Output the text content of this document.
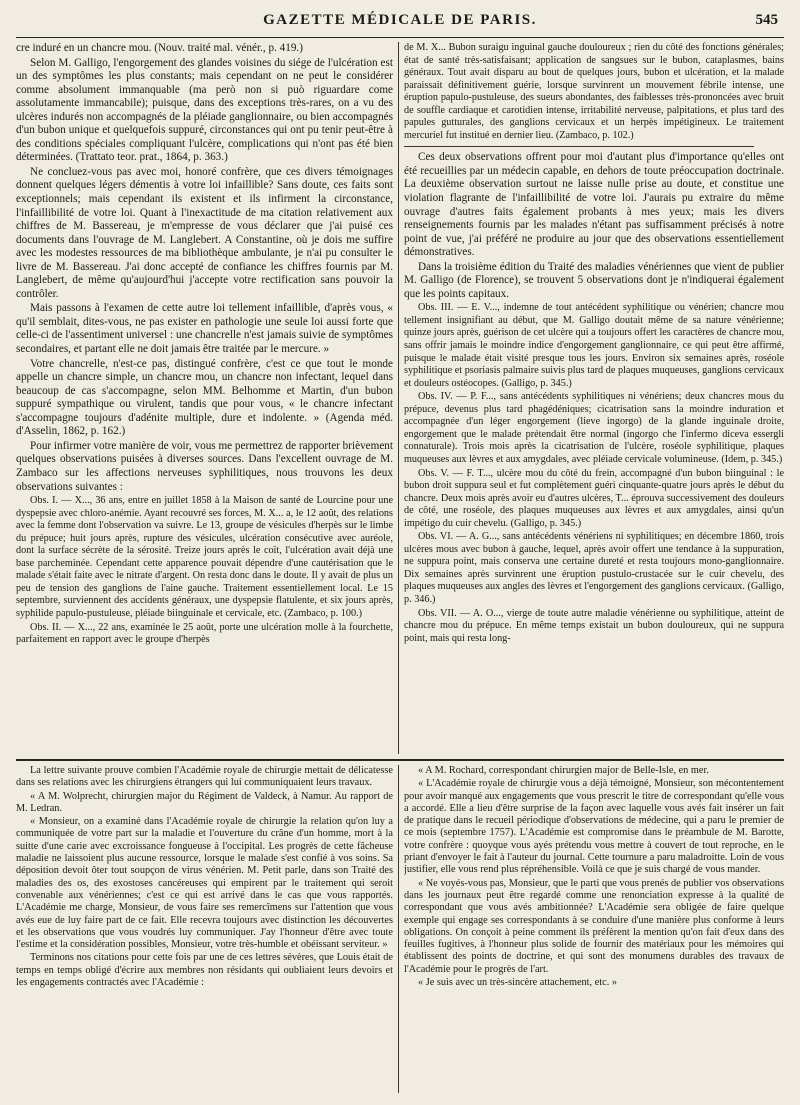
GAZETTE MÉDICALE DE PARIS.	545

cre induré en un chancre mou. (Nouv. traité mal. vénér., p. 419.)

Selon M. Galligo, l'engorgement des glandes voisines du siége de l'ulcération est un des symptômes les plus constants; mais cependant on ne peut le considérer comme absolument immanquable (ma però non si può riguardare come assolutamente immancabile); puisque, dans des exceptions très-rares, on a vu des ulcères indurés non accompagnés de la pléiade ganglionnaire, ou bien accompagnés d'un bubon unique et quelquefois suppuré, circonstances qui ont pu tenir peut-être à des conditions spéciales compliquant l'ulcère, complications qui n'ont pas été bien déterminées. (Trattato teor. prat., 1864, p. 363.)

Ne concluez-vous pas avec moi, honoré confrère, que ces divers témoignages donnent quelques légers démentis à votre loi infaillible? Sans doute, ces faits sont exceptionnels; mais cependant ils existent et ils infirment la circonstance, l'infaillibilité de votre loi. Quant à l'inexactitude de ma citation relativement aux chiffres de M. Bassereau, je m'empresse de vous déclarer que j'ai puisé ces documents dans l'ouvrage de M. Langlebert. A Constantine, où je dois me suffire avec les modestes ressources de ma bibliothèque ambulante, je n'ai pu consulter le livre de M. Bassereau. J'ai donc accepté de confiance les chiffres fournis par M. Langlebert, de même qu'aujourd'hui j'accepte votre rectification sans pouvoir la contrôler.

Mais passons à l'examen de cette autre loi tellement infaillible, d'après vous, « qu'il semblait, dites-vous, ne pas exister en pathologie une seule loi aussi forte que celle-ci de l'assentiment universel : une chancrelle n'est jamais suivie de symptômes secondaires, et partant elle ne doit jamais être traitée par le mercure. »

Votre chancrelle, n'est-ce pas, distingué confrère, c'est ce que tout le monde appelle un chancre simple, un chancre mou, un chancre non infectant, lequel dans beaucoup de cas s'accompagne, selon MM. Belhomme et Martin, d'un bubon suppuré sympathique ou virulent, tandis que pour vous, « le chancre infectant s'accompagne toujours d'adénite multiple, dure et indolente. » (Agenda méd. d'Asselin, 1862, p. 162.)

Pour infirmer votre manière de voir, vous me permettrez de rapporter brièvement quelques observations puisées à diverses sources. Dans l'excellent ouvrage de M. Zambaco sur les affections nerveuses syphilitiques, nous trouvons les deux observations suivantes :

Obs. I. — X..., 36 ans, entre en juillet 1858 à la Maison de santé de Lourcine pour une dyspepsie avec chloro-anémie. Ayant recouvré ses forces, M. X... a, le 12 août, des relations avec la femme dont l'observation va suivre. Le 13, groupe de vésicules d'herpès sur le limbe du prépuce; huit jours après, rupture des vésicules, ulcération consécutive avec auréole, dont la surface sécrète de la sérosité. Treize jours après le coït, l'ulcération avait déjà une base parcheminée. Cependant cette apparence pouvait dépendre d'une cautérisation que le malade s'était faite avec le nitrate d'argent. On resta donc dans le doute. Il y avait de plus un peu de tension des ganglions de l'aine gauche. Traitement essentiellement local. Le 15 septembre, surviennent des accidents généraux, une dyspepsie flatulente, et six jours après, syphilide papulo-pustuleuse, pléiade biinguinale et cervicale, etc. (Zambaco, p. 100.)

Obs. II. — X..., 22 ans, examinée le 25 août, porte une ulcération molle à la fourchette, parfaitement en rapport avec le groupe d'herpès

de M. X... Bubon suraigu inguinal gauche douloureux ; rien du côté des fonctions générales; état de santé très-satisfaisant; application de sangsues sur le bubon, cataplasmes, bains généraux. Tout avait disparu au bout de quelques jours, bubon et ulcération, et la malade paraissait définitivement guérie, lorsque survinrent un mouvement fébrile intense, une éruption papulo-pustuleuse, des sueurs abondantes, des faiblesses très-prononcées avec bruit de souffle cardiaque et carotidien intense, irritabilité nerveuse, palpitations, et plus tard des papules gutturales, des ganglions cervicaux et un herpès impétigineux. Le traitement mercuriel fut institué en dernier lieu. (Zambaco, p. 102.)

Ces deux observations offrent pour moi d'autant plus d'importance qu'elles ont été recueillies par un médecin capable, en dehors de toute préoccupation doctrinale. La deuxième observation surtout ne laisse nulle prise au doute, et constitue une violation flagrante de l'infaillibilité de votre loi. J'aurais pu extraire du même ouvrage d'autres faits également probants à mes yeux; mais les divers renseignements fournis par les malades n'étant pas suffisamment précisés à notre point de vue, j'ai préféré ne produire au jour que des observations essentiellement démonstratives.

Dans la troisième édition du Traité des maladies vénériennes que vient de publier M. Galligo (de Florence), se trouvent 5 observations dont je n'indiquerai également que les points capitaux.

Obs. III. — E. V..., indemne de tout antécédent syphilitique ou vénérien; chancre mou tellement insignifiant au début, que M. Galligo doutait même de sa nature vénérienne; quinze jours après, guérison de cet ulcère qui a toujours offert les caractères de chancre mou, sans offrir jamais le moindre indice d'engorgement ganglionnaire, ce qui peut être affirmé, puisque le malade était visité presque tous les jours. Environ six semaines après, roséole syphilitique et psoriasis palmaire suivis plus tard de plaques muqueuses, ganglions cervicaux et douleurs ostéocopes. (Galligo, p. 345.)

Obs. IV. — P. F..., sans antécédents syphilitiques ni vénériens; deux chancres mous du prépuce, devenus plus tard phagédéniques; cicatrisation sans la moindre induration et accompagnée d'un léger engorgement (lieve ingorgo) de la glande inguinale droite, engorgement que le malade prétendait être normal (ingorgo che l'infermo diceva essergli connaturale). Trois mois après la cicatrisation de l'ulcère, roséole syphilitique, plaques muqueuses aux lèvres et aux amygdales, avec pléiade cervicale volumineuse. (Idem, p. 345.)

Obs. V. — F. T..., ulcère mou du côté du frein, accompagné d'un bubon biinguinal : le bubon droit suppura seul et fut complètement guéri cinquante-quatre jours après le début du chancre. Deux mois après avoir eu d'autres ulcères, T... éprouva successivement des douleurs de côté, une roséole, des plaques muqueuses aux lèvres et aux amygdales, ainsi qu'un impétigo du cuir chevelu. (Galligo, p. 345.)

Obs. VI. — A. G..., sans antécédents vénériens ni syphilitiques; en décembre 1860, trois ulcères mous avec bubon à gauche, lequel, après avoir offert une tendance à la suppuration, ne suppura point, mais conserva une certaine dureté et resta toujours mono-ganglionnaire. Dix semaines après survinrent une éruption pustulo-crustacée sur le cuir chevelu, des plaques muqueuses aux angles des lèvres et l'engorgement des ganglions cervicaux. (Galligo, p. 346.)

Obs. VII. — A. O..., vierge de toute autre maladie vénérienne ou syphilitique, atteint de chancre mou du prépuce. En même temps existait un bubon douloureux, qui ne suppura point, mais qui resta long-

La lettre suivante prouve combien l'Académie royale de chirurgie mettait de délicatesse dans ses relations avec les chirurgiens étrangers qui lui communiquaient leurs travaux.

« A M. Wolprecht, chirurgien major du Régiment de Valdeck, à Namur. Au rapport de M. Ledran.

« Monsieur, on a examiné dans l'Académie royale de chirurgie la relation qu'on luy a communiquée de votre part sur la maladie et l'ouverture du crâne d'un homme, mort à la suitte d'une carie avec excroissance fongueuse à l'occipital. Les progrès de cette fâcheuse maladie ne laissoient plus aucune ressource, lorsque le malade s'est confié à vos soins. Sa déposition devoit ôter tout soupçon de virus vénérien. M. Petit parle, dans son Traité des maladies des os, des exostoses cancéreuses qui empirent par le traitement qui seroit convenable aux vénériennes; c'est ce qui est arrivé dans le cas que vous rapportés. L'Académie me charge, Monsieur, de vous faire ses remercîmens sur l'attention que vous avés eue de luy faire part de ce fait. Elle recevra toujours avec distinction les découvertes et les observations que vous voudrés luy communiquer. J'ay l'honneur d'être avec toute l'estime et la considération possibles, Monsieur, votre très-humble et obéissant serviteur. »

Terminons nos citations pour cette fois par une de ces lettres sévères, que Louis était de temps en temps obligé d'écrire aux membres non résidants qui oubliaient leurs devoirs et les engagements contractés avec l'Académie :

« A M. Rochard, correspondant chirurgien major de Belle-Isle, en mer.

« L'Académie royale de chirurgie vous a déjà témoigné, Monsieur, son mécontentement pour avoir manqué aux engagements que vous prescrit le titre de correspondant qu'elle vous a accordé. Elle a lieu d'être surprise de la façon avec laquelle vous avés fait insérer un fait de pratique dans le recueil périodique d'observations de médecine, qui a paru le premier de ce mois (septembre 1757). L'Académie est compromise dans le préambule de M. Barotte, votre confrère : quoyque vous ayés prétendu vous mettre à couvert de tout reproche, en le priant d'envoyer le fait à l'auteur du journal. Cette tournure a paru maladroitte. Loin de vous justifier, elle vous rend plus répréhensible. Voilà ce que je suis chargé de vous mander.

« Ne voyés-vous pas, Monsieur, que le parti que vous prenés de publier vos observations dans les journaux peut être regardé comme une renonciation expresse à la qualité de correspondant que vous avés ambitionnée? L'Académie sera obligée de faire quelque exemple qui engage ses correspondants à se conduire d'une manière plus conforme à leurs obligations. On conçoit à peine comment ils préfèrent la mention qu'on fait d'eux dans des feuilles fugitives, à l'honneur plus solide de fournir des matériaux pour les mémoires qui établissent des points de doctrine, et qui sont des monumens durables des travaux de l'Académie pour le progrès de l'art.

« Je suis avec un très-sincère attachement, etc. »
